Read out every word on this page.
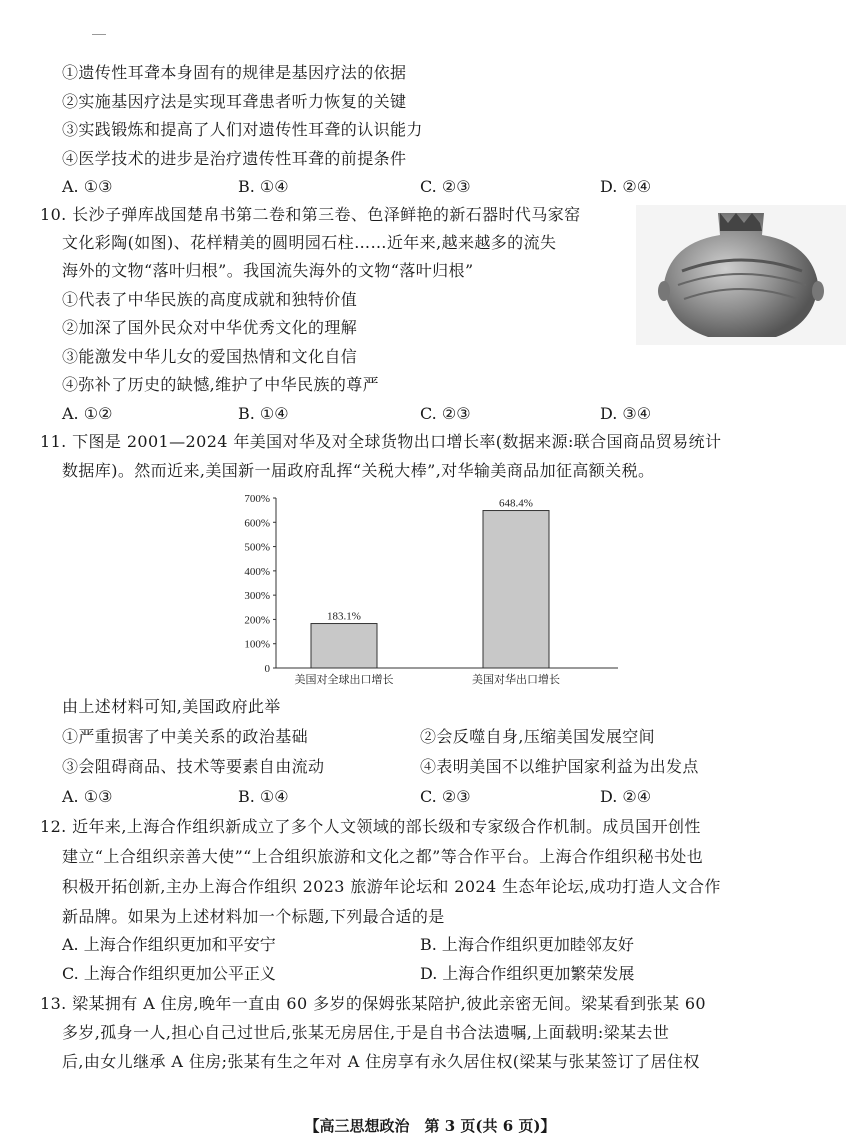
①遗传性耳聋本身固有的规律是基因疗法的依据
②实施基因疗法是实现耳聋患者听力恢复的关键
③实践锻炼和提高了人们对遗传性耳聋的认识能力
④医学技术的进步是治疗遗传性耳聋的前提条件
A. ①③	B. ①④	C. ②③	D. ②④
10. 长沙子弹库战国楚帛书第二卷和第三卷、色泽鲜艳的新石器时代马家窑
文化彩陶(如图)、花样精美的圆明园石柱……近年来,越来越多的流失
海外的文物“落叶归根”。我国流失海外的文物“落叶归根”
①代表了中华民族的高度成就和独特价值
②加深了国外民众对中华优秀文化的理解
③能激发中华儿女的爱国热情和文化自信
④弥补了历史的缺憾,维护了中华民族的尊严
A. ①②	B. ①④	C. ②③	D. ③④
11. 下图是 2001—2024 年美国对华及对全球货物出口增长率(数据来源:联合国商品贸易统计
数据库)。然而近来,美国新一届政府乱挥“关税大棒”,对华输美商品加征高额关税。
0
100%
200%
300%
400%
500%
600%
700%
183.1%
美国对全球出口增长
648.4%
美国对华出口增长
由上述材料可知,美国政府此举
①严重损害了中美关系的政治基础	②会反噬自身,压缩美国发展空间
③会阻碍商品、技术等要素自由流动	④表明美国不以维护国家利益为出发点
A. ①③	B. ①④	C. ②③	D. ②④
12. 近年来,上海合作组织新成立了多个人文领域的部长级和专家级合作机制。成员国开创性
建立“上合组织亲善大使”“上合组织旅游和文化之都”等合作平台。上海合作组织秘书处也
积极开拓创新,主办上海合作组织 2023 旅游年论坛和 2024 生态年论坛,成功打造人文合作
新品牌。如果为上述材料加一个标题,下列最合适的是
A. 上海合作组织更加和平安宁	B. 上海合作组织更加睦邻友好
C. 上海合作组织更加公平正义	D. 上海合作组织更加繁荣发展
13. 梁某拥有 A 住房,晚年一直由 60 多岁的保姆张某陪护,彼此亲密无间。梁某看到张某 60
多岁,孤身一人,担心自己过世后,张某无房居住,于是自书合法遗嘱,上面载明:梁某去世
后,由女儿继承 A 住房;张某有生之年对 A 住房享有永久居住权(梁某与张某签订了居住权
【高三思想政治　第 3 页(共 6 页)】
